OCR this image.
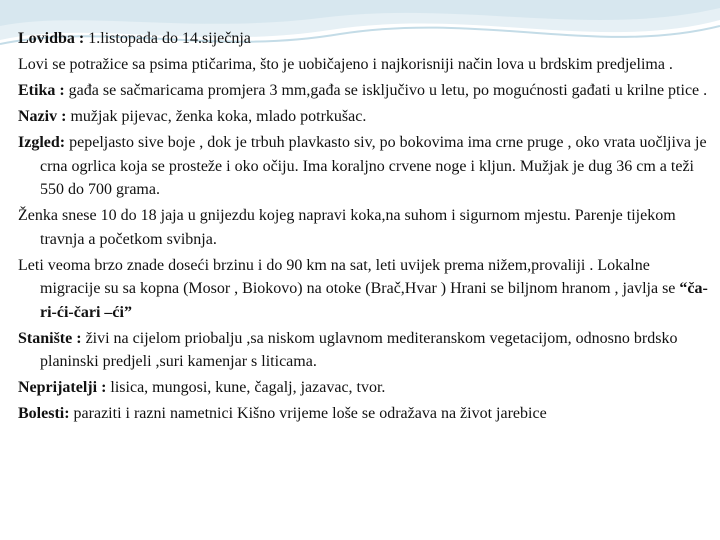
Lovidba : 1.listopada do 14.siječnja

Lovi se potražice sa psima ptičarima, što je uobičajeno i najkorisniji način lova u brdskim predjelima .

Etika : gađa se sačmaricama promjera 3 mm,gađa se isključivo u letu, po mogućnosti gađati u krilne ptice .

Naziv : mužjak pijevac, ženka koka, mlado potrkušac.

Izgled: pepeljasto sive boje , dok je trbuh plavkasto siv, po bokovima ima crne pruge , oko vrata uočljiva je crna ogrlica koja se prosteže i oko očiju. Ima koraljno crvene noge i kljun. Mužjak je dug 36 cm a teži 550 do 700 grama.

Ženka snese 10 do 18 jaja u gnijezdu kojeg napravi koka,na suhom i sigurnom mjestu. Parenje tijekom travnja a početkom svibnja.

Leti veoma brzo znade doseći brzinu i do 90 km na sat, leti uvijek prema nižem,provaliji . Lokalne migracije su sa kopna (Mosor , Biokovo) na otoke (Brač,Hvar ) Hrani se biljnom hranom , javlja se “ča-ri-ći-čari –ći”

Stanište : živi na cijelom priobalju ,sa niskom uglavnom mediteranskom vegetacijom, odnosno brdsko planinski predjeli ,suri kamenjar s liticama.

Neprijatelji : lisica, mungosi, kune, čagalj, jazavac, tvor.

Bolesti: paraziti i razni nametnici Kišno vrijeme loše se odražava na život jarebice
